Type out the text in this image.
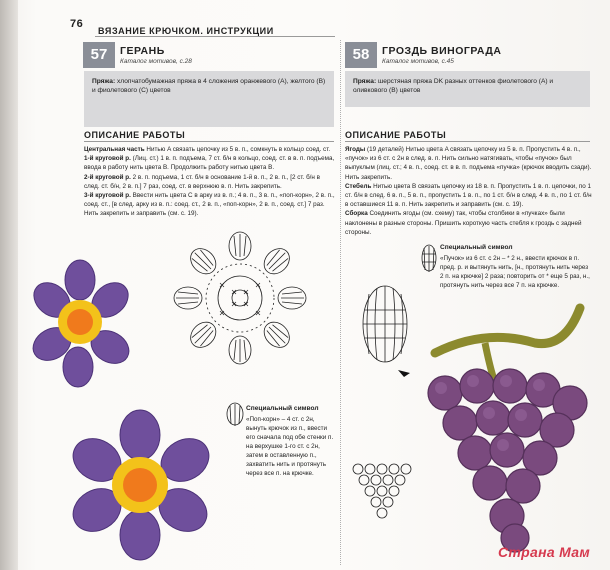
76
ВЯЗАНИЕ КРЮЧКОМ. ИНСТРУКЦИИ
57	ГЕРАНЬ
Каталог мотивов, с.28
Пряжа: хлопчатобумажная пряжа в 4 сложения оранжевого (A), желтого (B) и фиолетового (C) цветов
ОПИСАНИЕ РАБОТЫ

Центральная часть Нитью A связать цепочку из 5 в. п., сомкнуть в кольцо соед. ст.

1-й круговой р. (Лиц. ст.) 1 в. п. подъема, 7 ст. б/н в кольцо, соед. ст. в в. п. подъема, ввода в работу нить цвета B. Продолжить работу нитью цвета B.

2-й круговой р. 2 в. п. подъема, 1 ст. б/н в основание 1-й в. п., 2 в. п., [2 ст. б/н в след. ст. б/н, 2 в. п.] 7 раз, соед. ст. в верхнюю в. п. Нить закрепить.

3-й круговой р. Ввести нить цвета C в арку из в. п.; 4 в. п., 3 в. п., «поп-корн», 2 в. п., соед. ст., [в след. арку из в. п.: соед. ст., 2 в. п., «поп-корн», 2 в. п., соед. ст.] 7 раз. Нить закрепить и заправить (см. с. 19).

Специальный символ
«Поп-корн» – 4 ст. с 2н, вынуть крючок из п., ввести его сначала под обе стенки п. на верхушке 1-го ст. с 2н, затем в оставленную п., захватить нить и протянуть через все п. на крючке.
58	ГРОЗДЬ ВИНОГРАДА
Каталог мотивов, с.45
Пряжа: шерстяная пряжа DK разных оттенков фиолетового (A) и оливкового (B) цветов
ОПИСАНИЕ РАБОТЫ

Ягоды (19 деталей) Нитью цвета A связать цепочку из 5 в. п. Пропустить 4 в. п., «пучок» из 6 ст. с 2н в след. в. п. Нить сильно натягивать, чтобы «пучок» был выпуклым (лиц. ст.; 4 в. п., соед. ст. в в. п. подъема «пучка» (крючок вводить сзади). Нить закрепить.

Стебель Нитью цвета B связать цепочку из 18 в. п. Пропустить 1 в. п. цепочки, по 1 ст. б/н в след. 6 в. п., 5 в. п., пропустить 1 в. п., по 1 ст. б/н в след. 4 в. п., по 1 ст. б/н в оставшиеся 11 в. п. Нить закрепить и заправить (см. с. 19).

Сборка Соединить ягоды (см. схему) так, чтобы столбики в «пучках» были наклонены в разные стороны. Пришить короткую часть стебля к гроздь с задней стороны.

Специальный символ
«Пучок» из 6 ст. с 2н – * 2 н., ввести крючок в п. пред. р. и вытянуть нить, [н., протянуть нить через 2 п. на крючке] 2 раза; повторить от * еще 5 раз, н., протянуть нить через все 7 п. на крючке.
Страна Мам
